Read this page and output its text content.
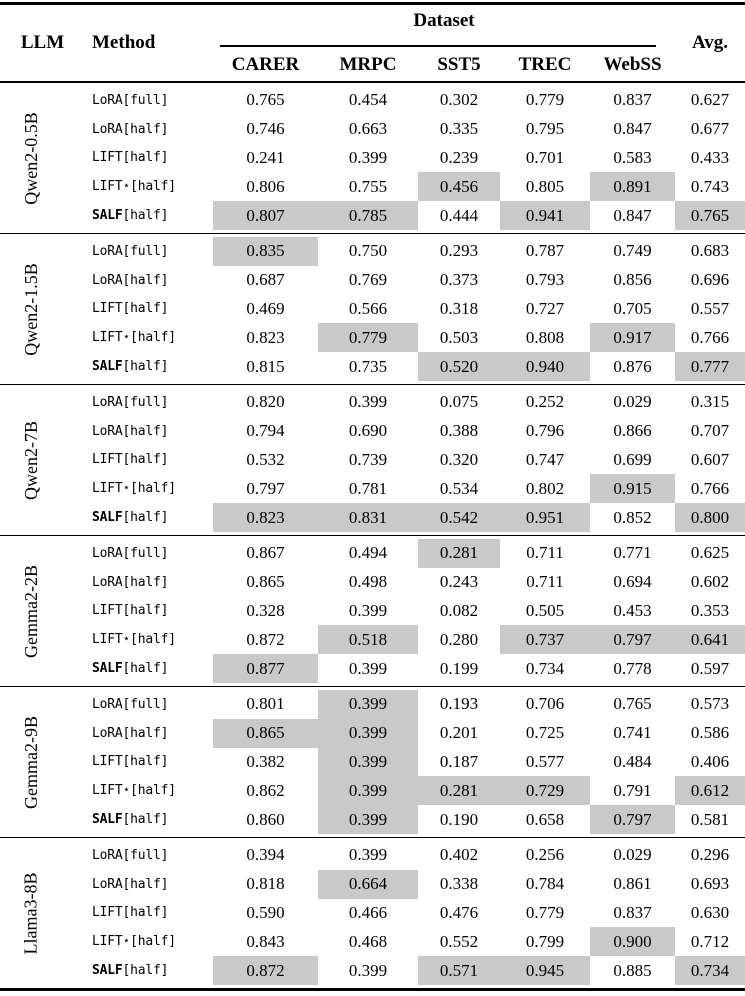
LLM	Method
Dataset
CARER	MRPC	SST5	TREC	WebSS
Avg.
Qwen2-0.5B
LoRA [full]	0.765	0.454	0.302	0.779	0.837	0.627
LoRA [half]	0.746	0.663	0.335	0.795	0.847	0.677
LIFT [half]	0.241	0.399	0.239	0.701	0.583	0.433
LIFT⋆ [half]	0.806	0.755	0.456	0.805	0.891	0.743
SALF [half]	0.807	0.785	0.444	0.941	0.847	0.765
Qwen2-1.5B
LoRA [full]	0.835	0.750	0.293	0.787	0.749	0.683
LoRA [half]	0.687	0.769	0.373	0.793	0.856	0.696
LIFT [half]	0.469	0.566	0.318	0.727	0.705	0.557
LIFT⋆ [half]	0.823	0.779	0.503	0.808	0.917	0.766
SALF [half]	0.815	0.735	0.520	0.940	0.876	0.777
Qwen2-7B
LoRA [full]	0.820	0.399	0.075	0.252	0.029	0.315
LoRA [half]	0.794	0.690	0.388	0.796	0.866	0.707
LIFT [half]	0.532	0.739	0.320	0.747	0.699	0.607
LIFT⋆ [half]	0.797	0.781	0.534	0.802	0.915	0.766
SALF [half]	0.823	0.831	0.542	0.951	0.852	0.800
Gemma2-2B
LoRA [full]	0.867	0.494	0.281	0.711	0.771	0.625
LoRA [half]	0.865	0.498	0.243	0.711	0.694	0.602
LIFT [half]	0.328	0.399	0.082	0.505	0.453	0.353
LIFT⋆ [half]	0.872	0.518	0.280	0.737	0.797	0.641
SALF [half]	0.877	0.399	0.199	0.734	0.778	0.597
Gemma2-9B
LoRA [full]	0.801	0.399	0.193	0.706	0.765	0.573
LoRA [half]	0.865	0.399	0.201	0.725	0.741	0.586
LIFT [half]	0.382	0.399	0.187	0.577	0.484	0.406
LIFT⋆ [half]	0.862	0.399	0.281	0.729	0.791	0.612
SALF [half]	0.860	0.399	0.190	0.658	0.797	0.581
Llama3-8B
LoRA [full]	0.394	0.399	0.402	0.256	0.029	0.296
LoRA [half]	0.818	0.664	0.338	0.784	0.861	0.693
LIFT [half]	0.590	0.466	0.476	0.779	0.837	0.630
LIFT⋆ [half]	0.843	0.468	0.552	0.799	0.900	0.712
SALF [half]	0.872	0.399	0.571	0.945	0.885	0.734
